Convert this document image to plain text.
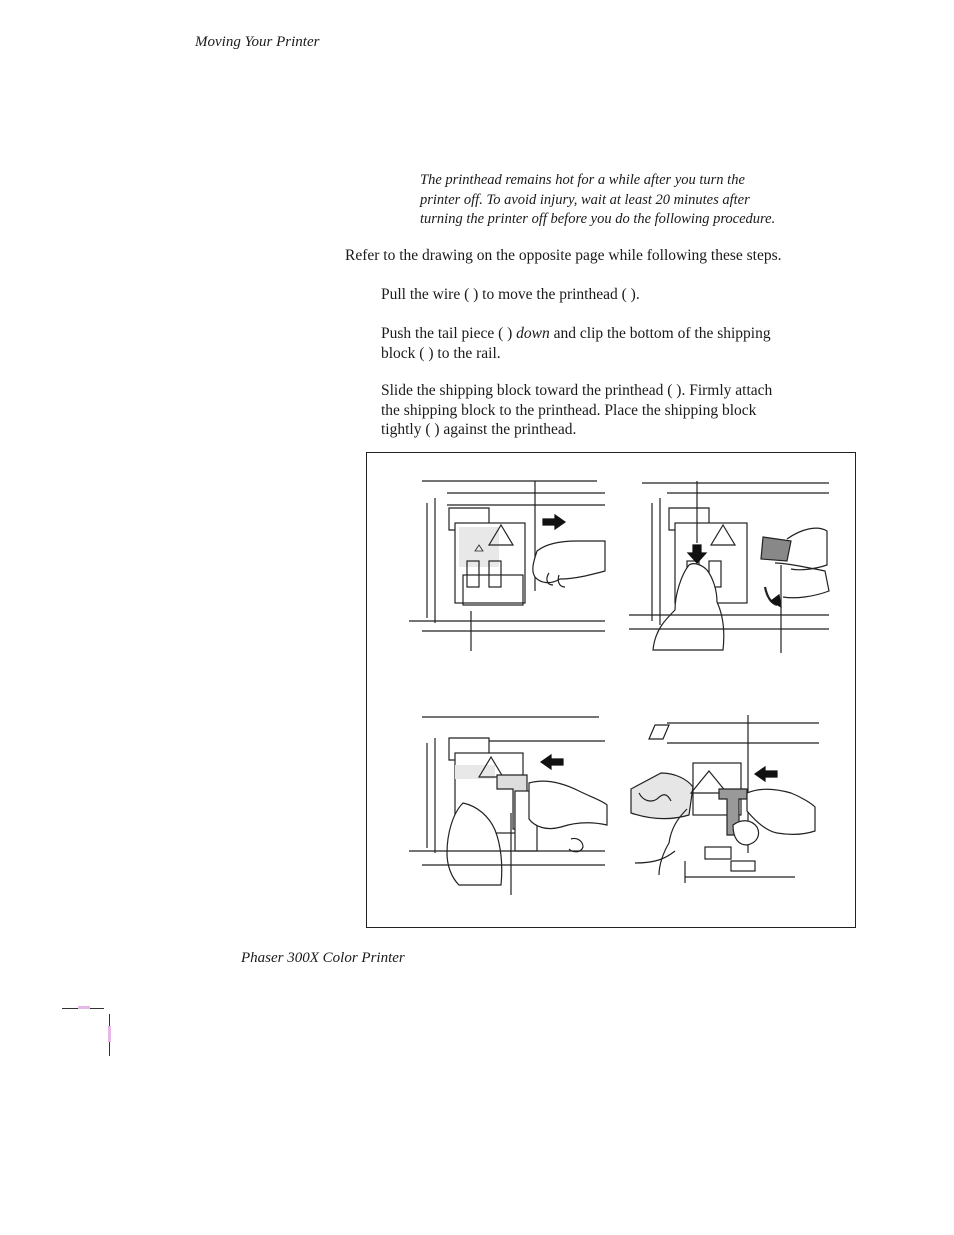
Moving Your Printer
The printhead remains hot for a while after you turn the
printer off. To avoid injury, wait at least 20 minutes after
turning the printer off before you do the following procedure.
Refer to the drawing on the opposite page while following these steps.
Pull the wire ( ) to move the printhead ( ).
Push the tail piece ( ) down and clip the bottom of the shipping
block ( ) to the rail.
Slide the shipping block toward the printhead ( ). Firmly attach
the shipping block to the printhead. Place the shipping block
tightly ( ) against the printhead.
Phaser 300X Color Printer
